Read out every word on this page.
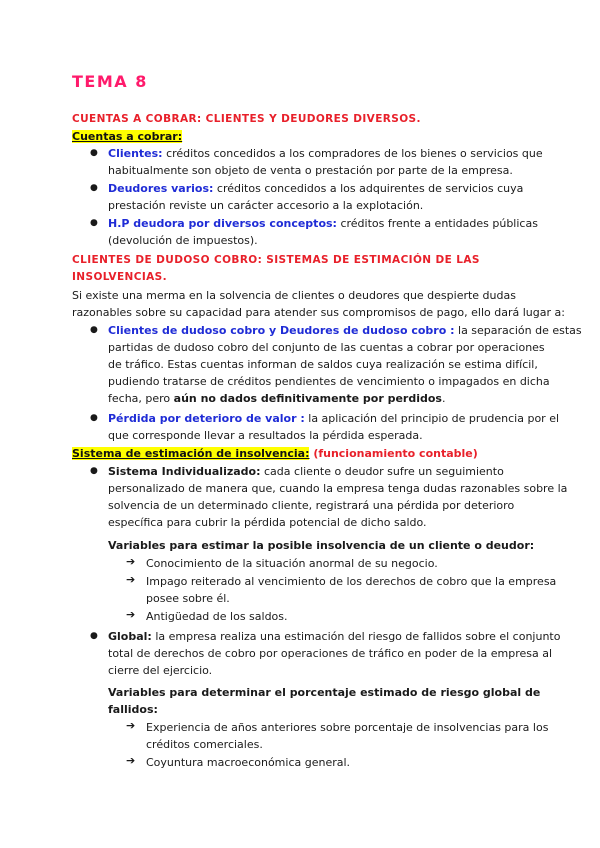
TEMA 8
CUENTAS A COBRAR: CLIENTES Y DEUDORES DIVERSOS.
Cuentas a cobrar:
● Clientes: créditos concedidos a los compradores de los bienes o servicios que
habitualmente son objeto de venta o prestación por parte de la empresa.
● Deudores varios: créditos concedidos a los adquirentes de servicios cuya
prestación reviste un carácter accesorio a la explotación.
● H.P deudora por diversos conceptos: créditos frente a entidades públicas
(devolución de impuestos).
CLIENTES DE DUDOSO COBRO: SISTEMAS DE ESTIMACIÓN DE LAS
INSOLVENCIAS.
Si existe una merma en la solvencia de clientes o deudores que despierte dudas
razonables sobre su capacidad para atender sus compromisos de pago, ello dará lugar a:
● Clientes de dudoso cobro y Deudores de dudoso cobro : la separación de estas
partidas de dudoso cobro del conjunto de las cuentas a cobrar por operaciones
de tráfico. Estas cuentas informan de saldos cuya realización se estima difícil,
pudiendo tratarse de créditos pendientes de vencimiento o impagados en dicha
fecha, pero aún no dados definitivamente por perdidos.
● Pérdida por deterioro de valor : la aplicación del principio de prudencia por el
que corresponde llevar a resultados la pérdida esperada.
Sistema de estimación de insolvencia: (funcionamiento contable)
● Sistema Individualizado: cada cliente o deudor sufre un seguimiento
personalizado de manera que, cuando la empresa tenga dudas razonables sobre la
solvencia de un determinado cliente, registrará una pérdida por deterioro
específica para cubrir la pérdida potencial de dicho saldo.
Variables para estimar la posible insolvencia de un cliente o deudor:
➔ Conocimiento de la situación anormal de su negocio.
➔ Impago reiterado al vencimiento de los derechos de cobro que la empresa
posee sobre él.
➔ Antigüedad de los saldos.
● Global: la empresa realiza una estimación del riesgo de fallidos sobre el conjunto
total de derechos de cobro por operaciones de tráfico en poder de la empresa al
cierre del ejercicio.
Variables para determinar el porcentaje estimado de riesgo global de
fallidos:
➔ Experiencia de años anteriores sobre porcentaje de insolvencias para los
créditos comerciales.
➔ Coyuntura macroeconómica general.
